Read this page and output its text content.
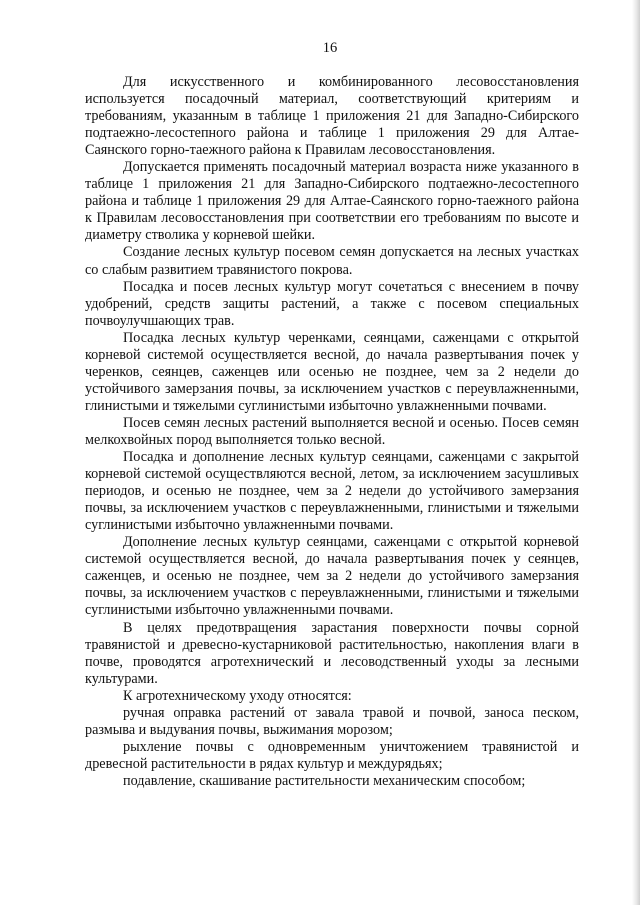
16

Для искусственного и комбинированного лесовосстановления используется посадочный материал, соответствующий критериям и требованиям, указанным в таблице 1 приложения 21 для Западно-Сибирского подтаежно-лесостепного района и таблице 1 приложения 29 для Алтае-Саянского горно-таежного района к Правилам лесовосстановления.

Допускается применять посадочный материал возраста ниже указанного в таблице 1 приложения 21 для Западно-Сибирского подтаежно-лесостепного района и таблице 1 приложения 29 для Алтае-Саянского горно-таежного района к Правилам лесовосстановления при соответствии его требованиям по высоте и диаметру стволика у корневой шейки.

Создание лесных культур посевом семян допускается на лесных участках со слабым развитием травянистого покрова.

Посадка и посев лесных культур могут сочетаться с внесением в почву удобрений, средств защиты растений, а также с посевом специальных почвоулучшающих трав.

Посадка лесных культур черенками, сеянцами, саженцами с открытой корневой системой осуществляется весной, до начала развертывания почек у черенков, сеянцев, саженцев или осенью не позднее, чем за 2 недели до устойчивого замерзания почвы, за исключением участков с переувлажненными, глинистыми и тяжелыми суглинистыми избыточно увлажненными почвами.

Посев семян лесных растений выполняется весной и осенью. Посев семян мелкохвойных пород выполняется только весной.

Посадка и дополнение лесных культур сеянцами, саженцами с закрытой корневой системой осуществляются весной, летом, за исключением засушливых периодов, и осенью не позднее, чем за 2 недели до устойчивого замерзания почвы, за исключением участков с переувлажненными, глинистыми и тяжелыми суглинистыми избыточно увлажненными почвами.

Дополнение лесных культур сеянцами, саженцами с открытой корневой системой осуществляется весной, до начала развертывания почек у сеянцев, саженцев, и осенью не позднее, чем за 2 недели до устойчивого замерзания почвы, за исключением участков с переувлажненными, глинистыми и тяжелыми суглинистыми избыточно увлажненными почвами.

В целях предотвращения зарастания поверхности почвы сорной травянистой и древесно-кустарниковой растительностью, накопления влаги в почве, проводятся агротехнический и лесоводственный уходы за лесными культурами.

К агротехническому уходу относятся:

ручная оправка растений от завала травой и почвой, заноса песком, размыва и выдувания почвы, выжимания морозом;

рыхление почвы с одновременным уничтожением травянистой и древесной растительности в рядах культур и междурядьях;

подавление, скашивание растительности механическим способом;
